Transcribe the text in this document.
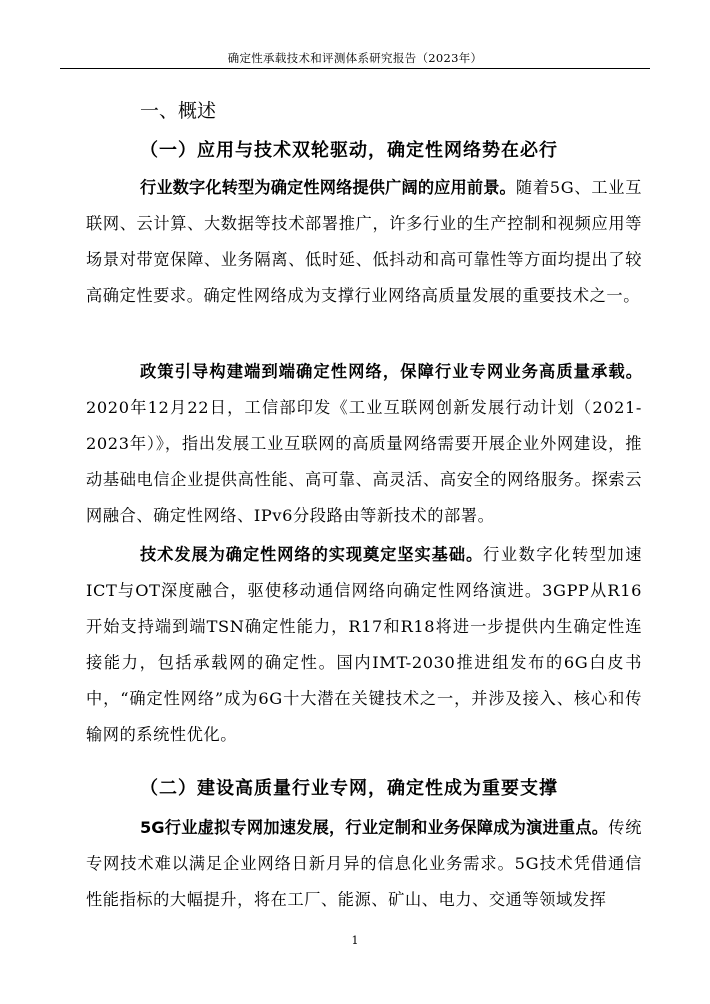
确定性承载技术和评测体系研究报告（2023年）
一、概述
（一）应用与技术双轮驱动，确定性网络势在必行
行业数字化转型为确定性网络提供广阔的应用前景。随着5G、工业互联网、云计算、大数据等技术部署推广，许多行业的生产控制和视频应用等场景对带宽保障、业务隔离、低时延、低抖动和高可靠性等方面均提出了较高确定性要求。确定性网络成为支撑行业网络高质量发展的重要技术之一。
政策引导构建端到端确定性网络，保障行业专网业务高质量承载。2020年12月22日，工信部印发《工业互联网创新发展行动计划（2021-2023年）》，指出发展工业互联网的高质量网络需要开展企业外网建设，推动基础电信企业提供高性能、高可靠、高灵活、高安全的网络服务。探索云网融合、确定性网络、IPv6分段路由等新技术的部署。
技术发展为确定性网络的实现奠定坚实基础。行业数字化转型加速ICT与OT深度融合，驱使移动通信网络向确定性网络演进。3GPP从R16开始支持端到端TSN确定性能力，R17和R18将进一步提供内生确定性连接能力，包括承载网的确定性。国内IMT-2030推进组发布的6G白皮书中，“确定性网络”成为6G十大潜在关键技术之一，并涉及接入、核心和传输网的系统性优化。
（二）建设高质量行业专网，确定性成为重要支撑
5G行业虚拟专网加速发展，行业定制和业务保障成为演进重点。传统专网技术难以满足企业网络日新月异的信息化业务需求。5G技术凭借通信性能指标的大幅提升，将在工厂、能源、矿山、电力、交通等领域发挥
1
